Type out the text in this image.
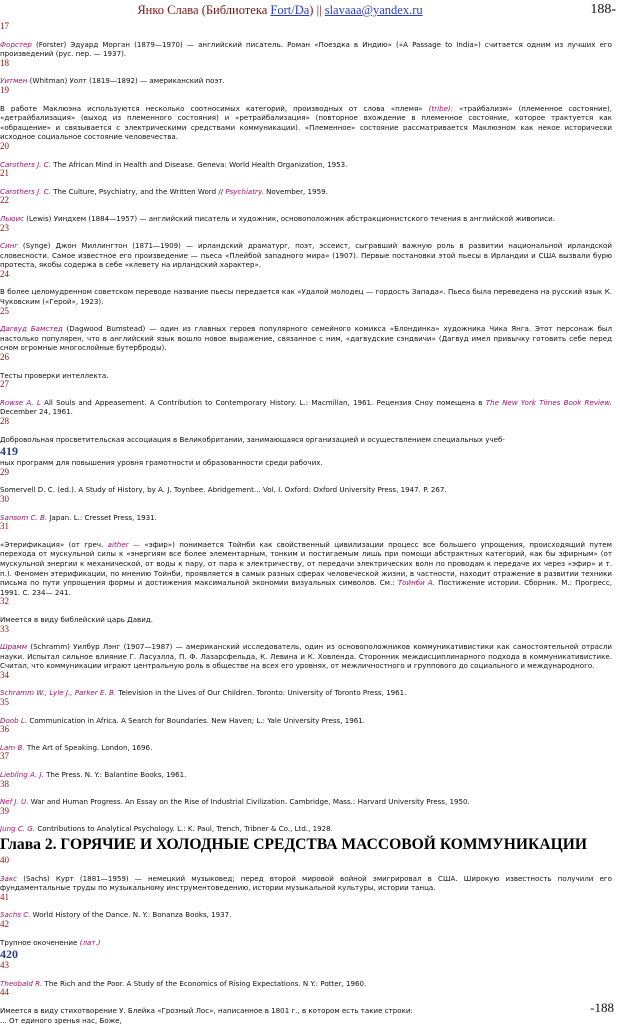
Янко Слава (Библиотека Fort/Da) || slavaaa@yandex.ru	188-

17
Форстер (Forster) Эдуард Морган (1879—1970) — английский писатель. Роман «Поездка в Индию» («A Passage to India») считается одним из лучших его произведений (рус. пер. — 1937).

18
Уитмен (Whitman) Уолт (1819—1892) — американский поэт.

19
В работе Маклюэна используются несколько соотносимых категорий, производных от слова «племя» (tribe): «трайбализм» (племенное состояние), «детрайбализация» (выход из племенного состояния) и «ретрайбализация» (повторное вхождение в племенное состояние, которое трактуется как «обращение» и связывается с электрическими средствами коммуникации). «Племенное» состояние рассматривается Маклюэном как некое исторически исходное социальное состояние человечества.

20
Carothers J. C. The African Mind in Health and Disease. Geneva: World Health Organization, 1953.

21
Carothers J. C. The Culture, Psychiatry, and the Written Word // Psychiatry. November, 1959.

22
Льюис (Lewis) Уиндхем (1884—1957) — английский писатель и художник, основоположник абстракционистского течения в английской живописи.

23
Синг (Synge) Джон Миллингтон (1871—1909) — ирландский драматург, поэт, эссеист, сыгравший важную роль в развитии национальной ирландской словесности. Самое известное его произведение — пьеса «Плейбой западного мира» (1907). Первые постановки этой пьесы в Ирландии и США вызвали бурю протеста, якобы содержа в себе «клевету на ирландский характер».

24
В более целомудренном советском переводе название пьесы передается как «Удалой молодец — гордость Запада». Пьеса была переведена на русский язык К. Чуковским («Герой», 1923).

25
Дагвуд Бамстед (Dagwood Bumstead) — один из главных героев популярного семейного комикса «Блондинка» художника Чика Янга. Этот персонаж был настолько популярен, что в английский язык вошло новое выражение, связанное с ним, «дагвудские сэндвичи» (Дагвуд имел привычку готовить себе перед сном огромные многослойные бутерброды).

26
Тесты проверки интеллекта.

27
Rowse A. L All Souls and Appeasement. A Contribution to Contemporary History. L.: Macmillan, 1961. Рецензия Сноу помещена в The New York Times Book Review. December 24, 1961.

28
Добровольная просветительская ассоциация в Великобритании, занимающаяся организацией и осуществлением специальных учеб-

419

ных программ для повышения уровня грамотности и образованности среди рабочих.

29
Somervell D. C. (ed.). A Study of History, by A. J. Toynbee. Abridgement... Vol. I. Oxford: Oxford University Press, 1947. P. 267.

30
Sansom C. B. Japan. L.: Cresset Press, 1931.

31
«Этерификация» (от греч. aither — «эфир») понимается Тойнби как свойственный цивилизации процесс все большего упрощения, происходящий путем перехода от мускульной силы к «энергиям все более элементарным, тонким и постигаемым лишь при помощи абстрактных категорий, как бы эфирным» (от мускульной энергии к механической, от воды к пару, от пара к электричеству, от передачи электрических волн по проводам к передаче их через «эфир» и т. п.). Феномен этерификации, по мнению Тойнби, проявляется в самых разных сферах человеческой жизни, в частности, находит отражение в развитии техники письма по пути упрощения формы и достижения максимальной экономии визуальных символов. См.: Тойнби А. Постижение истории. Сборник. М.: Прогресс, 1991. С. 234— 241.

32
Имеется в виду библейский царь Давид.

33
Шрамм (Schramm) Уилбур Лэнг (1907—1987) — американский исследователь, один из основоположников коммуникативистики как самостоятельной отрасли науки. Испытал сильное влияние Г. Ласуэлла, П. Ф. Лазарсфельда, К. Левина и К. Ховленда. Сторонник междисциплинарного подхода в коммуникативистике. Считал, что коммуникации играют центральную роль в обществе на всех его уровнях, от межличностного и группового до социального и международного.

34
Schramm W., Lyle J., Parker E. B. Television in the Lives of Our Children. Toronto: University of Toronto Press, 1961.

35
Doob L. Communication in Africa. A Search for Boundaries. New Haven; L.: Yale University Press, 1961.

36
Lam B. The Art of Speaking. London, 1696.

37
Liebling A. J. The Press. N. Y.: Balantine Books, 1961.

38
Nef J. U. War and Human Progress. An Essay on the Rise of Industrial Civilization. Cambridge, Mass.: Harvard University Press, 1950.

39
Jung C. G. Contributions to Analytical Psychology. L.: K. Paul, Trench, Tribner & Co., Ltd., 1928.

Глава 2. ГОРЯЧИЕ И ХОЛОДНЫЕ СРЕДСТВА МАССОВОЙ КОММУНИКАЦИИ

40
Закс (Sachs) Курт (1881—1959) — немецкий музыковед; перед второй мировой войной эмигрировал в США. Широкую известность получили его фундаментальные труды по музыкальному инструментоведению, истории музыкальной культуры, истории танца.

41
Sachs C. World History of the Dance. N. Y.: Bonanza Books, 1937.

42
Трупное окоченение (лат.)

420

43
Theobald R. The Rich and the Poor. A Study of the Economics of Rising Expectations. N Y.: Potter, 1960.

44
Имеется в виду стихотворение У. Блейка «Грозный Лос», написанное в 1801 г., в котором есть такие строки:

... От единого зренья нас, Боже,

-188
